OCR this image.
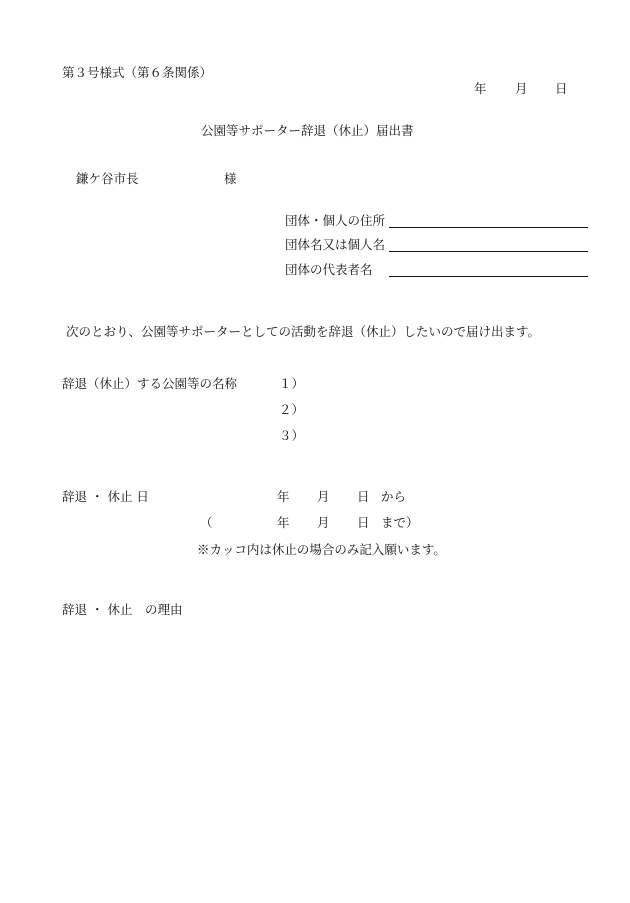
第３号様式（第６条関係）
年 月 日
公園等サポーター辞退（休止）届出書
鎌ケ谷市長	様
団体・個人の住所
団体名又は個人名
団体の代表者名
次のとおり、公園等サポーターとしての活動を辞退（休止）したいので届け出ます。
辞退（休止）する公園等の名称	１）
２）
３）
辞退 ・ 休止 日	年 月 日 から
（	年 月 日 まで）
※カッコ内は休止の場合のみ記入願います。
辞退 ・ 休止　の理由
